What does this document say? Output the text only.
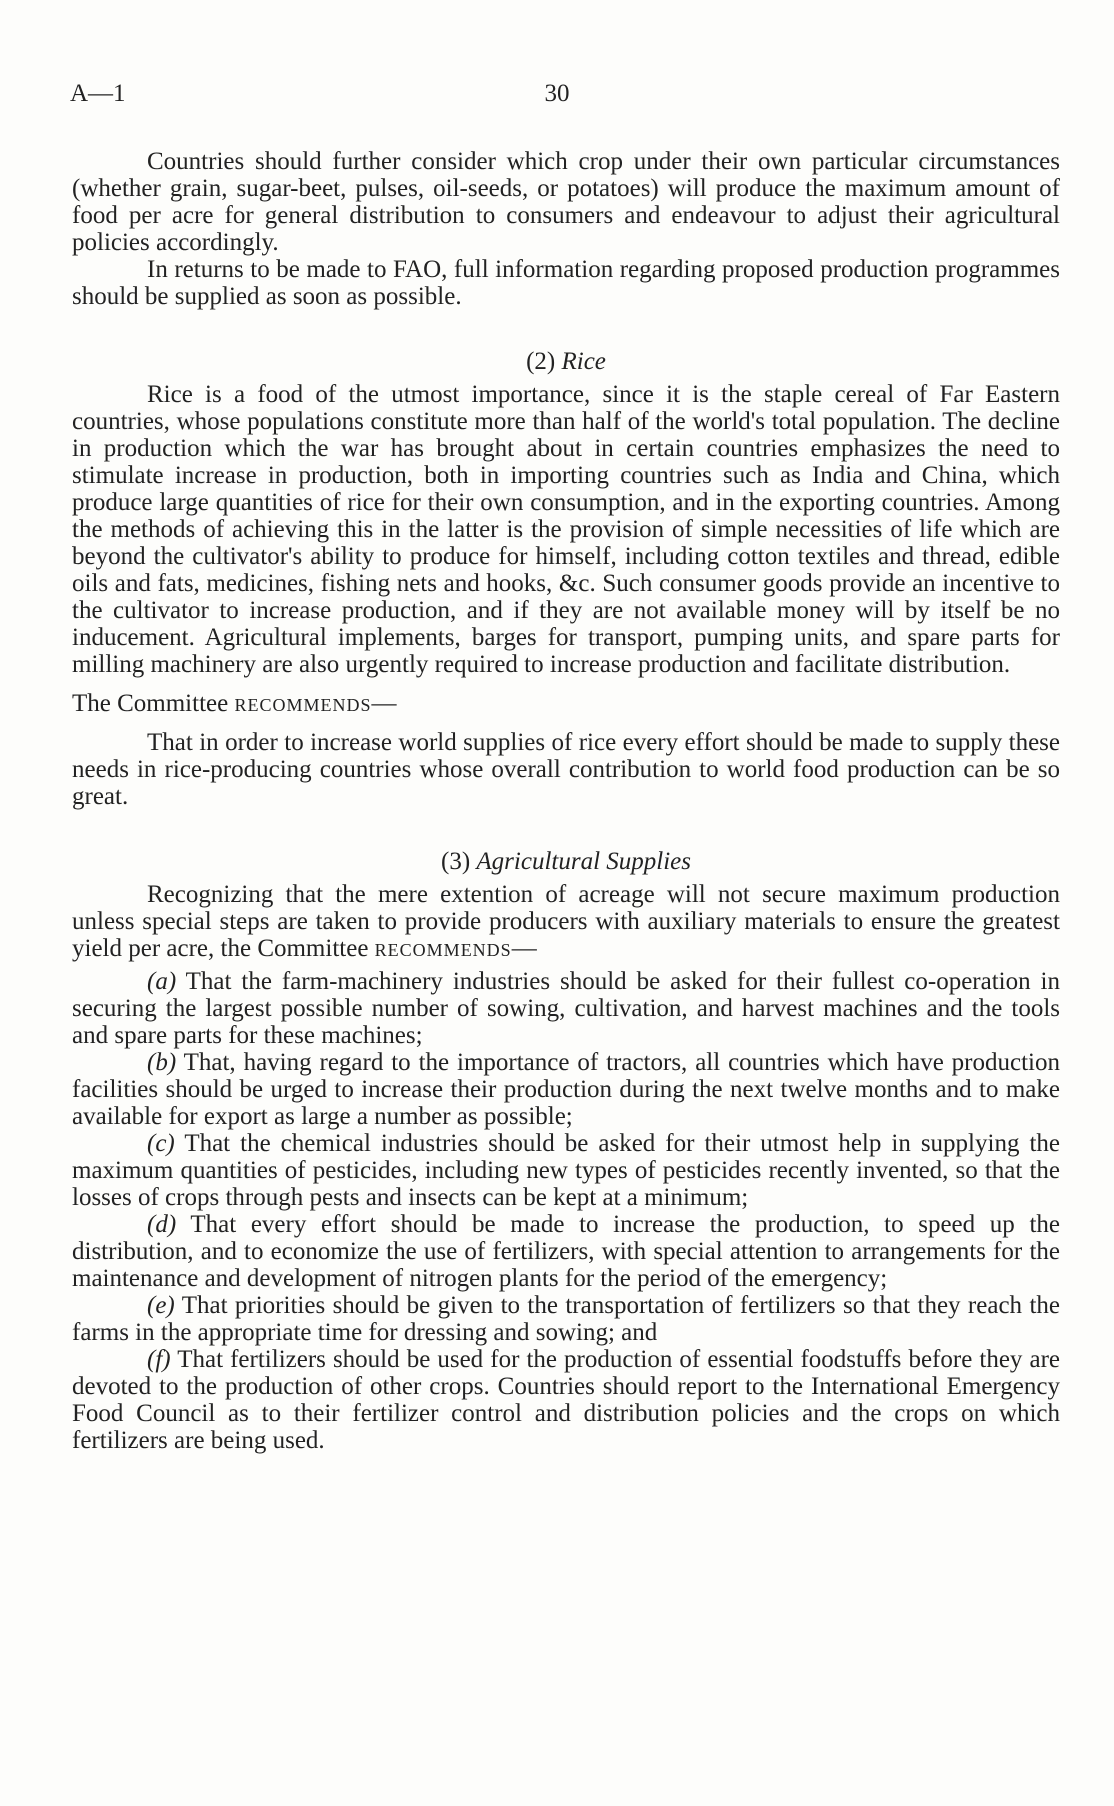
A—1	30

Countries should further consider which crop under their own particular circumstances (whether grain, sugar-beet, pulses, oil-seeds, or potatoes) will produce the maximum amount of food per acre for general distribution to consumers and endeavour to adjust their agricultural policies accordingly.

In returns to be made to FAO, full information regarding proposed production programmes should be supplied as soon as possible.

(2) Rice

Rice is a food of the utmost importance, since it is the staple cereal of Far Eastern countries, whose populations constitute more than half of the world's total population. The decline in production which the war has brought about in certain countries emphasizes the need to stimulate increase in production, both in importing countries such as India and China, which produce large quantities of rice for their own consumption, and in the exporting countries. Among the methods of achieving this in the latter is the provision of simple necessities of life which are beyond the cultivator's ability to produce for himself, including cotton textiles and thread, edible oils and fats, medicines, fishing nets and hooks, &c. Such consumer goods provide an incentive to the cultivator to increase production, and if they are not available money will by itself be no inducement. Agricultural implements, barges for transport, pumping units, and spare parts for milling machinery are also urgently required to increase production and facilitate distribution.

The Committee recommends—

That in order to increase world supplies of rice every effort should be made to supply these needs in rice-producing countries whose overall contribution to world food production can be so great.

(3) Agricultural Supplies

Recognizing that the mere extention of acreage will not secure maximum production unless special steps are taken to provide producers with auxiliary materials to ensure the greatest yield per acre, the Committee recommends—

(a) That the farm-machinery industries should be asked for their fullest co-operation in securing the largest possible number of sowing, cultivation, and harvest machines and the tools and spare parts for these machines;

(b) That, having regard to the importance of tractors, all countries which have production facilities should be urged to increase their production during the next twelve months and to make available for export as large a number as possible;

(c) That the chemical industries should be asked for their utmost help in supplying the maximum quantities of pesticides, including new types of pesticides recently invented, so that the losses of crops through pests and insects can be kept at a minimum;

(d) That every effort should be made to increase the production, to speed up the distribution, and to economize the use of fertilizers, with special attention to arrangements for the maintenance and development of nitrogen plants for the period of the emergency;

(e) That priorities should be given to the transportation of fertilizers so that they reach the farms in the appropriate time for dressing and sowing; and

(f) That fertilizers should be used for the production of essential foodstuffs before they are devoted to the production of other crops. Countries should report to the International Emergency Food Council as to their fertilizer control and distribution policies and the crops on which fertilizers are being used.
